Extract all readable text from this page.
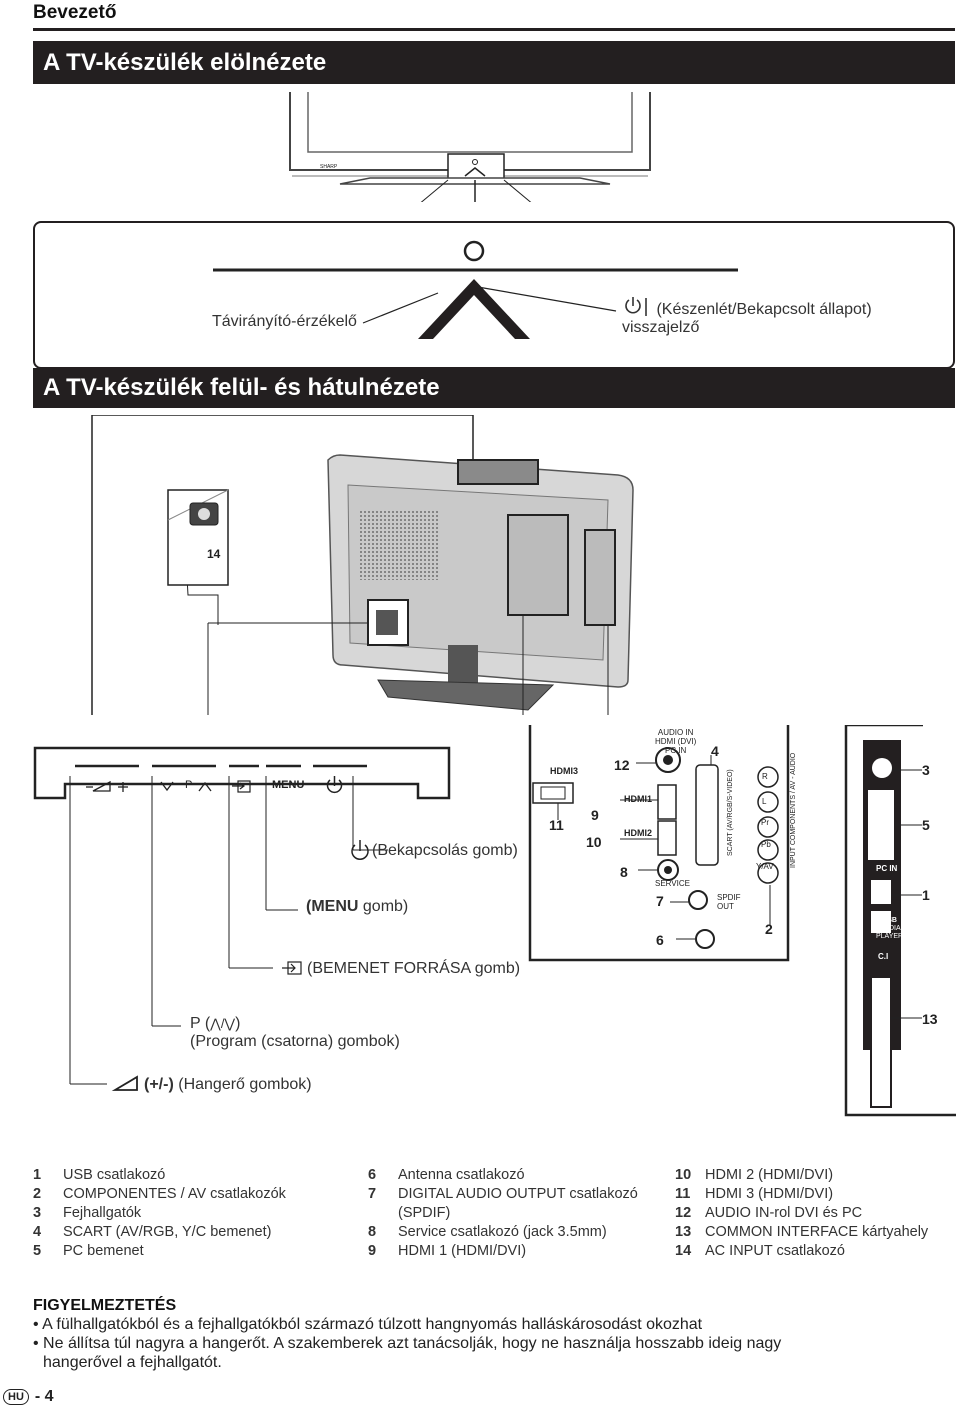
Bevezető
A TV-készülék elölnézete
SHARP
Távirányító-érzékelő
(Készenlét/Bekapcsolt állapot)
visszajelző
A TV-készülék felül- és hátulnézete
14
P	MENU
(Bekapcsolás gomb)
(MENU gomb)
(BEMENET FORRÁSA gomb)
P (⋀/⋁)
(Program (csatorna) gombok)
(+/-) (Hangerő gombok)
HDMI3
HDMI1
HDMI2
AUDIO IN
HDMI (DVI)
PC IN
SERVICE
SPDIF
OUT
SCART (AV/RGB/S-VIDEO)	INPUT COMPONENTS / AV - AUDIO
R
L
Pr
Pb
Y/AV	PC IN
USB
MEDIA
PLAYER
C.I
12
4
9
11
10
8
7
6
2
3
5
1
13
1	USB csatlakozó
2	COMPONENTES / AV csatlakozók
3	Fejhallgatók
4	SCART (AV/RGB, Y/C bemenet)
5	PC bemenet
6	Antenna csatlakozó
7	DIGITAL AUDIO OUTPUT csatlakozó
(SPDIF)
8	Service csatlakozó (jack 3.5mm)
9	HDMI 1 (HDMI/DVI)
10 HDMI 2 (HDMI/DVI)
11	HDMI 3 (HDMI/DVI)
12 AUDIO IN-rol DVI és PC
13 COMMON INTERFACE kártyahely
14 AC INPUT csatlakozó
FIGYELMEZTETÉS
• A fülhallgatókból és a fejhallgatókból származó túlzott hangnyomás halláskárosodást okozhat
• Ne állítsa túl nagyra a hangerőt. A szakemberek azt tanácsolják, hogy ne használja hosszabb ideig nagy
hangerővel a fejhallgatót.
HU - 4
